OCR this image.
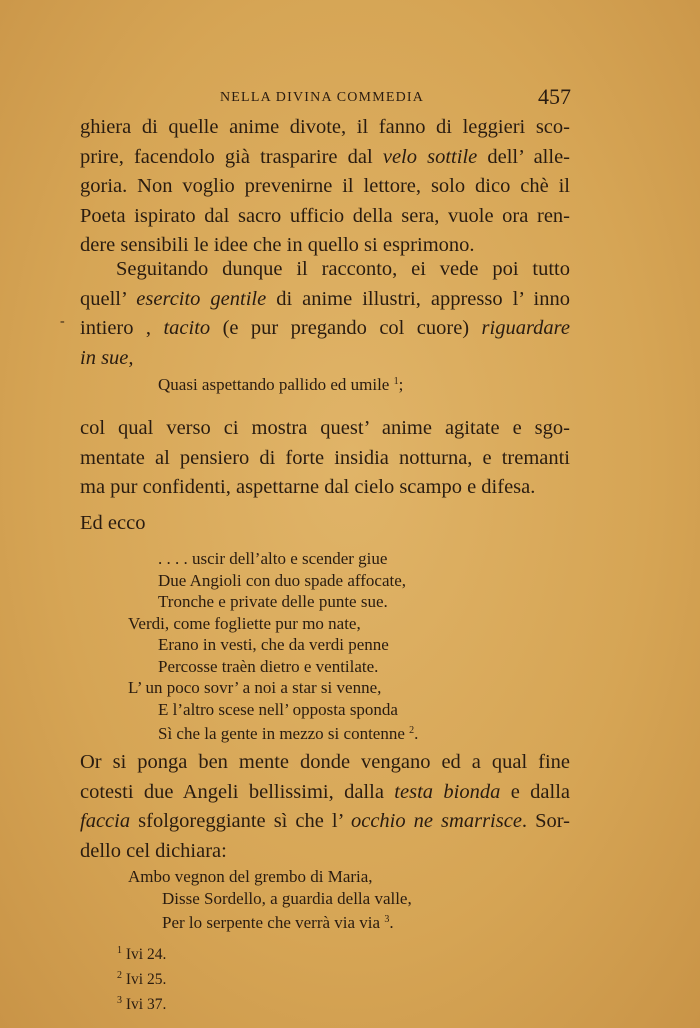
NELLA DIVINA COMMEDIA	457
-
ghiera di quelle anime divote, il fanno di leggieri sco-
prire, facendolo già trasparire dal velo sottile dell’ alle-
goria. Non voglio prevenirne il lettore, solo dico chè il
Poeta ispirato dal sacro ufficio della sera, vuole ora ren-
dere sensibili le idee che in quello si esprimono.
Seguitando dunque il racconto, ei vede poi tutto
quell’ esercito gentile di anime illustri, appresso l’ inno
intiero , tacito (e pur pregando col cuore) riguardare
in sue,
Quasi aspettando pallido ed umile $^1$;
col qual verso ci mostra quest’ anime agitate e sgo-
mentate al pensiero di forte insidia notturna, e tremanti
ma pur confidenti, aspettarne dal cielo scampo e difesa.
Ed ecco
. . . . uscir dell’alto e scender giue
Due Angioli con duo spade affocate,
Tronche e private delle punte sue.
Verdi, come fogliette pur mo nate,
Erano in vesti, che da verdi penne
Percosse traèn dietro e ventilate.
L’ un poco sovr’ a noi a star si venne,
E l’altro scese nell’ opposta sponda
Sì che la gente in mezzo si contenne $^2$.
Or si ponga ben mente donde vengano ed a qual fine
cotesti due Angeli bellissimi, dalla testa bionda e dalla
faccia sfolgoreggiante sì che l’ occhio ne smarrisce. Sor-
dello cel dichiara:
Ambo vegnon del grembo di Maria,
Disse Sordello, a guardia della valle,
Per lo serpente che verrà via via $^3$.
$^1$ Ivi 24.
$^2$ Ivi 25.
$^3$ Ivi 37.
